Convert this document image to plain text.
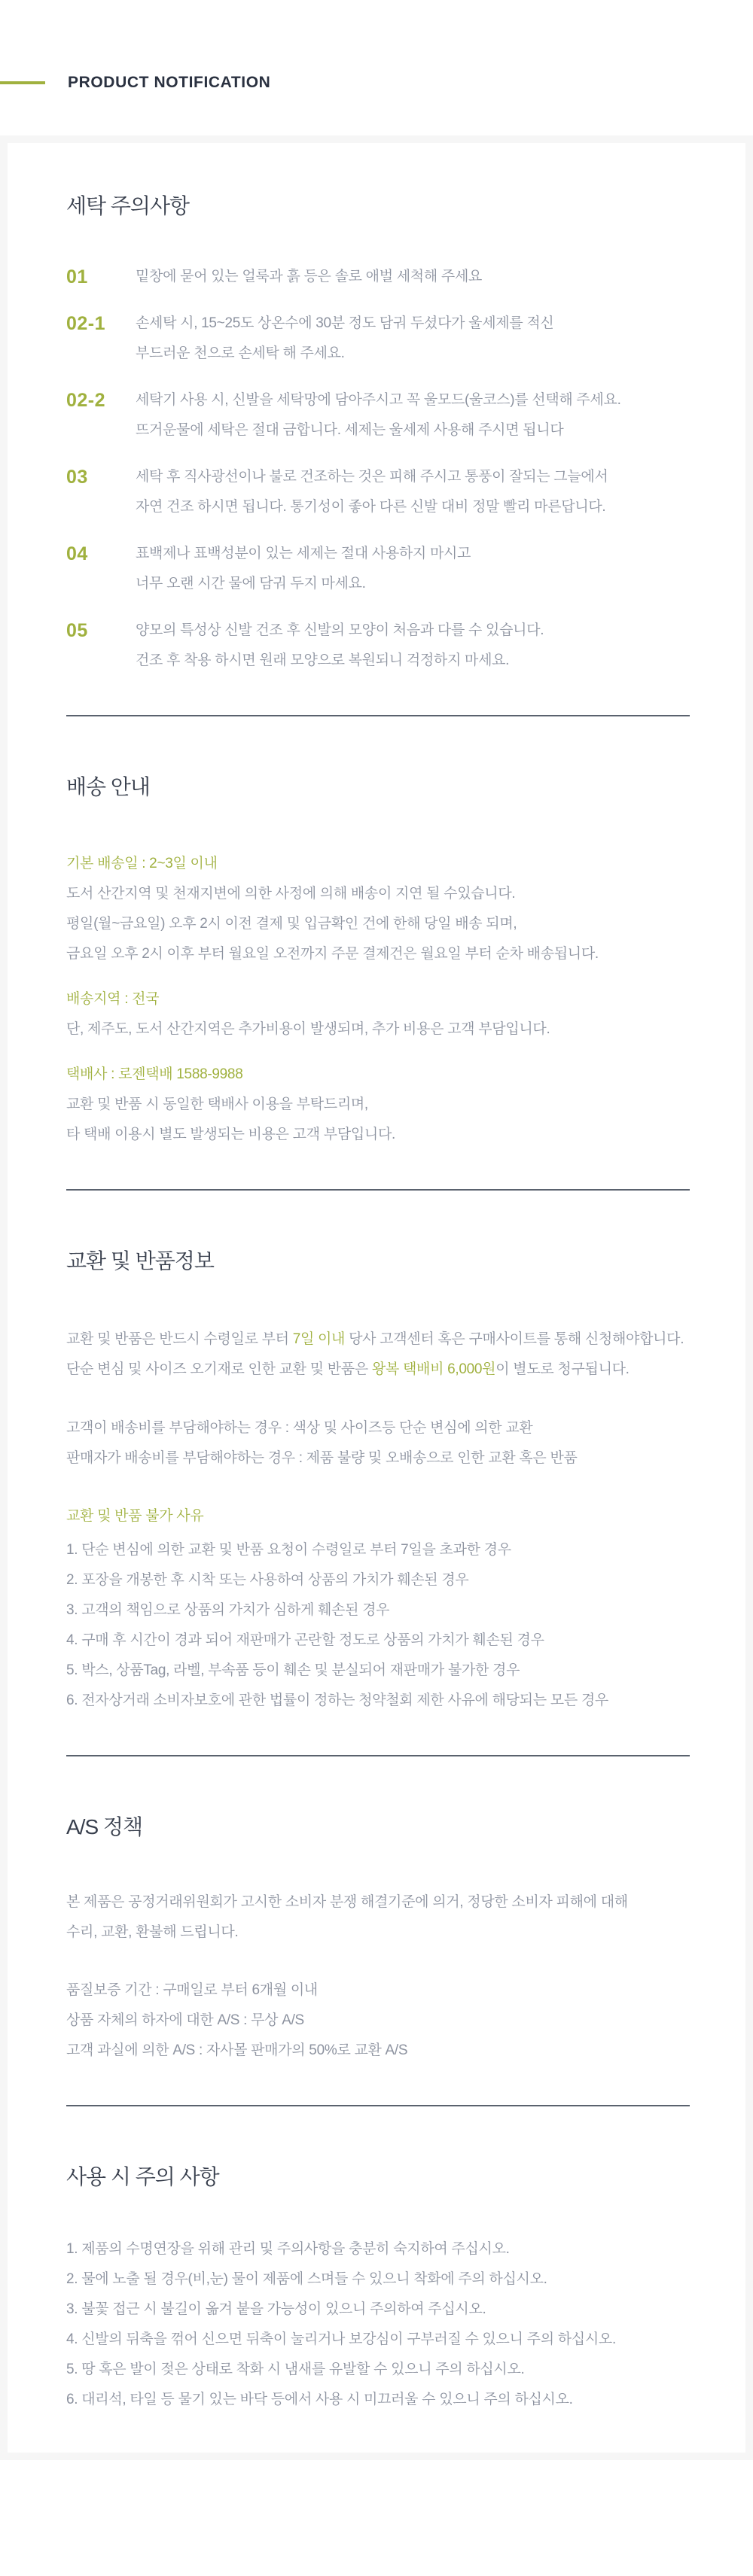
PRODUCT NOTIFICATION
세탁 주의사항
01	밑창에 묻어 있는 얼룩과 흙 등은 솔로 애벌 세척해 주세요
02-1	손세탁 시, 15~25도 상온수에 30분 정도 담궈 두셨다가 울세제를 적신
부드러운 천으로 손세탁 해 주세요.
02-2	세탁기 사용 시, 신발을 세탁망에 담아주시고 꼭 울모드(울코스)를 선택해 주세요.
뜨거운물에 세탁은 절대 금합니다. 세제는 울세제 사용해 주시면 됩니다
03	세탁 후 직사광선이나 불로 건조하는 것은 피해 주시고 통풍이 잘되는 그늘에서
자연 건조 하시면 됩니다. 통기성이 좋아 다른 신발 대비 정말 빨리 마른답니다.
04	표백제나 표백성분이 있는 세제는 절대 사용하지 마시고
너무 오랜 시간 물에 담궈 두지 마세요.
05	양모의 특성상 신발 건조 후 신발의 모양이 처음과 다를 수 있습니다.
건조 후 착용 하시면 원래 모양으로 복원되니 걱정하지 마세요.
배송 안내
기본 배송일 : 2~3일 이내
도서 산간지역 및 천재지변에 의한 사정에 의해 배송이 지연 될 수있습니다.
평일(월~금요일) 오후 2시 이전 결제 및 입금확인 건에 한해 당일 배송 되며,
금요일 오후 2시 이후 부터 월요일 오전까지 주문 결제건은 월요일 부터 순차 배송됩니다.
배송지역 : 전국
단, 제주도, 도서 산간지역은 추가비용이 발생되며, 추가 비용은 고객 부담입니다.
택배사 : 로젠택배 1588-9988
교환 및 반품 시 동일한 택배사 이용을 부탁드리며,
타 택배 이용시 별도 발생되는 비용은 고객 부담입니다.
교환 및 반품정보

교환 및 반품은 반드시 수령일로 부터 7일 이내 당사 고객센터 혹은 구매사이트를 통해 신청해야합니다.

단순 변심 및 사이즈 오기재로 인한 교환 및 반품은 왕복 택배비 6,000원이 별도로 청구됩니다.

고객이 배송비를 부담해야하는 경우 : 색상 및 사이즈등 단순 변심에 의한 교환
판매자가 배송비를 부담해야하는 경우 : 제품 불량 및 오배송으로 인한 교환 혹은 반품
교환 및 반품 불가 사유
1. 단순 변심에 의한 교환 및 반품 요청이 수령일로 부터 7일을 초과한 경우
2. 포장을 개봉한 후 시착 또는 사용하여 상품의 가치가 훼손된 경우
3. 고객의 책임으로 상품의 가치가 심하게 훼손된 경우
4. 구매 후 시간이 경과 되어 재판매가 곤란할 정도로 상품의 가치가 훼손된 경우
5. 박스, 상품Tag, 라벨, 부속품 등이 훼손 및 분실되어 재판매가 불가한 경우
6. 전자상거래 소비자보호에 관한 법률이 정하는 청약철회 제한 사유에 해당되는 모든 경우
A/S 정책
본 제품은 공정거래위원회가 고시한 소비자 분쟁 해결기준에 의거, 정당한 소비자 피해에 대해
수리, 교환, 환불해 드립니다.
품질보증 기간 : 구매일로 부터 6개월 이내
상품 자체의 하자에 대한 A/S : 무상 A/S
고객 과실에 의한 A/S : 자사몰 판매가의 50%로 교환 A/S
사용 시 주의 사항
1. 제품의 수명연장을 위해 관리 및 주의사항을 충분히 숙지하여 주십시오.
2. 물에 노출 될 경우(비,눈) 물이 제품에 스며들 수 있으니 착화에 주의 하십시오.
3. 불꽃 접근 시 불길이 옮겨 붙을 가능성이 있으니 주의하여 주십시오.
4. 신발의 뒤축을 꺾어 신으면 뒤축이 눌리거나 보강심이 구부러질 수 있으니 주의 하십시오.
5. 땅 혹은 발이 젖은 상태로 착화 시 냄새를 유발할 수 있으니 주의 하십시오.
6. 대리석, 타일 등 물기 있는 바닥 등에서 사용 시 미끄러울 수 있으니 주의 하십시오.
